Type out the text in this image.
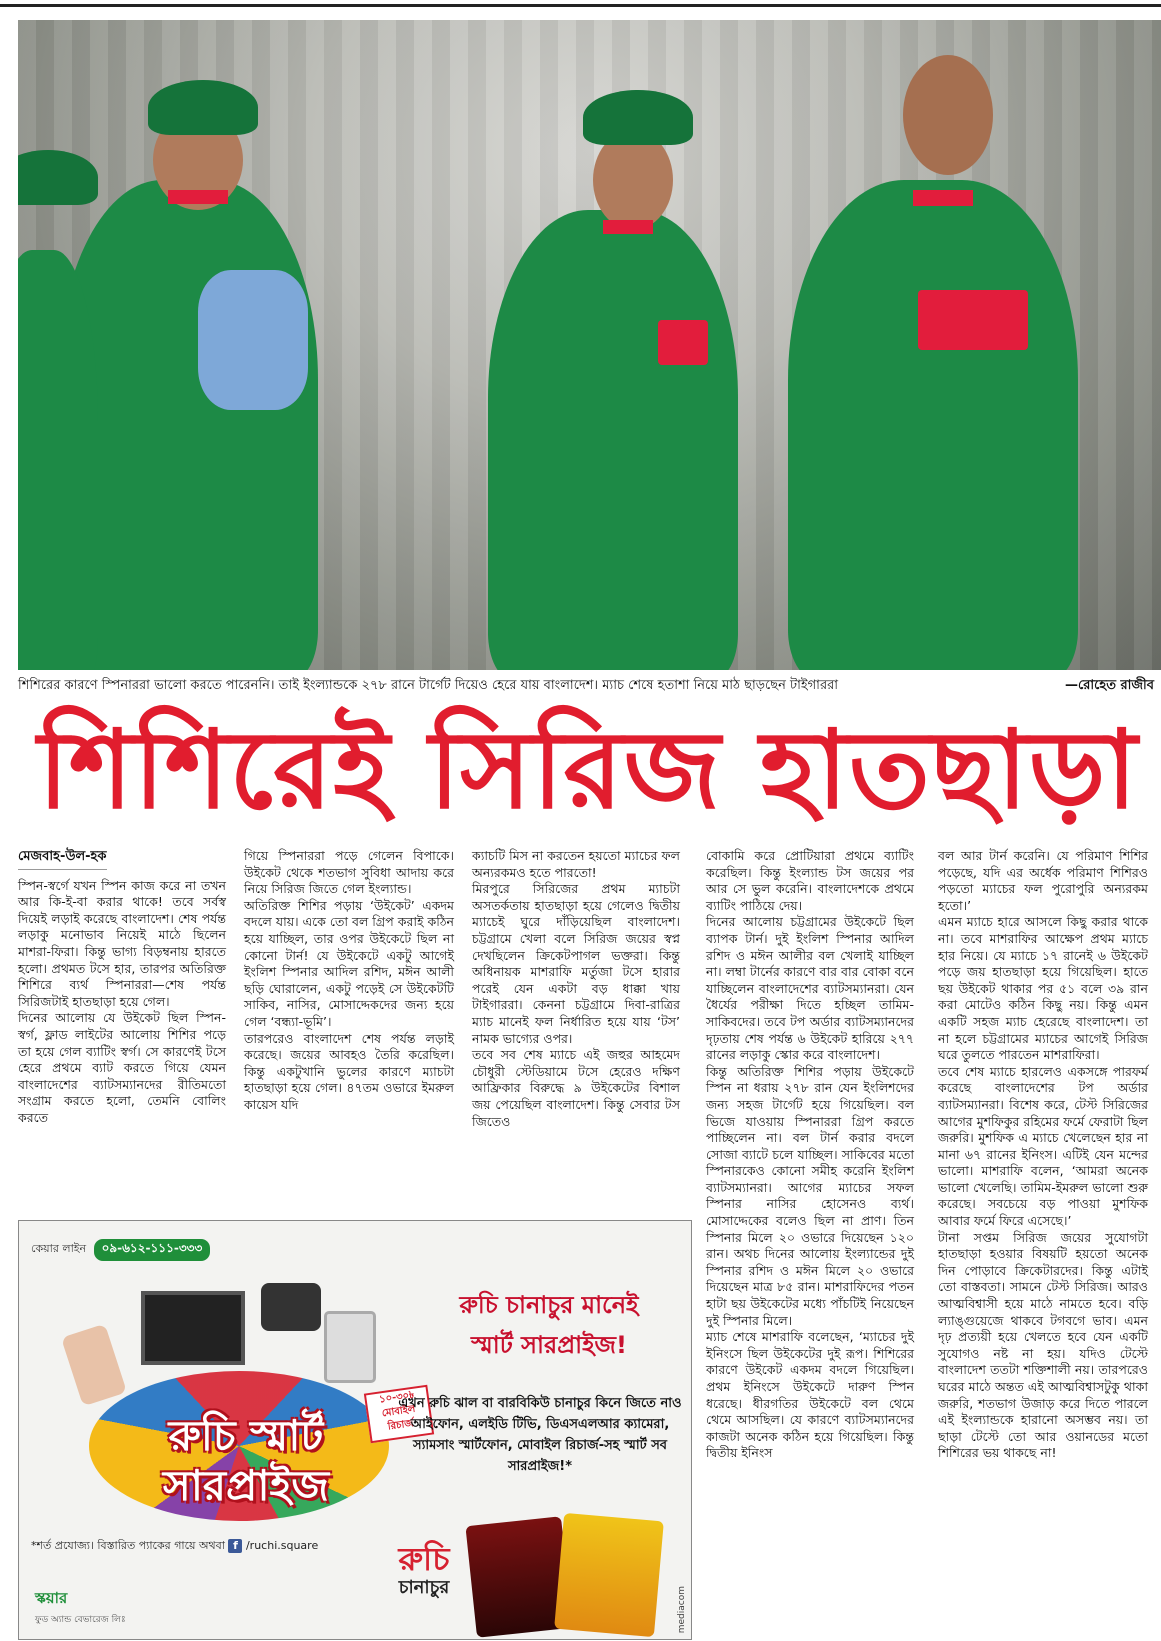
শিশিরের কারণে স্পিনাররা ভালো করতে পারেননি। তাই ইংল্যান্ডকে ২৭৮ রানে টার্গেট দিয়েও হেরে যায় বাংলাদেশ। ম্যাচ শেষে হতাশা নিয়ে মাঠ ছাড়ছেন টাইগাররা	—রোহেত রাজীব
শিশিরেই সিরিজ হাতছাড়া

মেজবাহ-উল-হক

স্পিন-স্বর্গে যখন স্পিন কাজ করে না তখন আর কি-ই-বা করার থাকে! তবে সর্বস্ব দিয়েই লড়াই করেছে বাংলাদেশ। শেষ পর্যন্ত লড়াকু মনোভাব নিয়েই মাঠে ছিলেন মাশরা-ফিরা। কিন্তু ভাগ্য বিড়ম্বনায় হারতে হলো। প্রথমত টসে হার, তারপর অতিরিক্ত শিশিরে ব্যর্থ স্পিনাররা—শেষ পর্যন্ত সিরিজটাই হাতছাড়া হয়ে গেল।

দিনের আলোয় যে উইকেট ছিল স্পিন-স্বর্গ, ফ্লাড লাইটের আলোয় শিশির পড়ে তা হয়ে গেল ব্যাটিং স্বর্গ। সে কারণেই টসে হেরে প্রথমে ব্যাট করতে গিয়ে যেমন বাংলাদেশের ব্যাটসম্যানদের রীতিমতো সংগ্রাম করতে হলো, তেমনি বোলিং করতে

গিয়ে স্পিনাররা পড়ে গেলেন বিপাকে। উইকেট থেকে শতভাগ সুবিধা আদায় করে নিয়ে সিরিজ জিতে গেল ইংল্যান্ড।

অতিরিক্ত শিশির পড়ায় ‘উইকেট’ একদম বদলে যায়। একে তো বল গ্রিপ করাই কঠিন হয়ে যাচ্ছিল, তার ওপর উইকেটে ছিল না কোনো টার্ন! যে উইকেটে একটু আগেই ইংলিশ স্পিনার আদিল রশিদ, মঈন আলী ছড়ি ঘোরালেন, একটু পড়েই সে উইকেটটি সাকিব, নাসির, মোসাদ্দেকদের জন্য হয়ে গেল ‘বন্ধ্যা-ভূমি’।

তারপরেও বাংলাদেশ শেষ পর্যন্ত লড়াই করেছে। জয়ের আবহও তৈরি করেছিল। কিন্তু একটুখানি ভুলের কারণে ম্যাচটা হাতছাড়া হয়ে গেল। ৪৭তম ওভারে ইমরুল কায়েস যদি

ক্যাচটি মিস না করতেন হয়তো ম্যাচের ফল অন্যরকমও হতে পারতো!

মিরপুরে সিরিজের প্রথম ম্যাচটা অসতর্কতায় হাতছাড়া হয়ে গেলেও দ্বিতীয় ম্যাচেই ঘুরে দাঁড়িয়েছিল বাংলাদেশ। চট্টগ্রামে খেলা বলে সিরিজ জয়ের স্বপ্ন দেখছিলেন ক্রিকেটপাগল ভক্তরা। কিন্তু অধিনায়ক মাশরাফি মর্তুজা টসে হারার পরেই যেন একটা বড় ধাক্কা খায় টাইগাররা। কেননা চট্টগ্রামে দিবা-রাত্রির ম্যাচ মানেই ফল নির্ধারিত হয়ে যায় ‘টস’ নামক ভাগ্যের ওপর।

তবে সব শেষ ম্যাচে এই জহুর আহমেদ চৌধুরী স্টেডিয়ামে টসে হেরেও দক্ষিণ আফ্রিকার বিরুদ্ধে ৯ উইকেটের বিশাল জয় পেয়েছিল বাংলাদেশ। কিন্তু সেবার টস জিতেও

বোকামি করে প্রোটিয়ারা প্রথমে ব্যাটিং করেছিল। কিন্তু ইংল্যান্ড টস জয়ের পর আর সে ভুল করেনি। বাংলাদেশকে প্রথমে ব্যাটিং পাঠিয়ে দেয়।

দিনের আলোয় চট্টগ্রামের উইকেটে ছিল ব্যাপক টার্ন। দুই ইংলিশ স্পিনার আদিল রশিদ ও মঈন আলীর বল খেলাই যাচ্ছিল না। লম্বা টার্নের কারণে বার বার বোকা বনে যাচ্ছিলেন বাংলাদেশের ব্যাটসম্যানরা। যেন ধৈর্যের পরীক্ষা দিতে হচ্ছিল তামিম-সাকিবদের। তবে টপ অর্ডার ব্যাটসম্যানদের দৃঢ়তায় শেষ পর্যন্ত ৬ উইকেট হারিয়ে ২৭৭ রানের লড়াকু স্কোর করে বাংলাদেশ।

কিন্তু অতিরিক্ত শিশির পড়ায় উইকেটে স্পিন না ধরায় ২৭৮ রান যেন ইংলিশদের জন্য সহজ টার্গেট হয়ে গিয়েছিল। বল ভিজে যাওয়ায় স্পিনাররা গ্রিপ করতে পাচ্ছিলেন না। বল টার্ন করার বদলে সোজা ব্যাটে চলে যাচ্ছিল। সাকিবের মতো স্পিনারকেও কোনো সমীহ করেনি ইংলিশ ব্যাটসম্যানরা। আগের ম্যাচের সফল স্পিনার নাসির হোসেনও ব্যর্থ। মোসাদ্দেকের বলেও ছিল না প্রাণ। তিন স্পিনার মিলে ২০ ওভারে দিয়েছেন ১২০ রান। অথচ দিনের আলোয় ইংল্যান্ডের দুই স্পিনার রশিদ ও মঈন মিলে ২০ ওভারে দিয়েছেন মাত্র ৮৫ রান। মাশরাফিদের পতন হাটা ছয় উইকেটের মধ্যে পাঁচটিই নিয়েছেন দুই স্পিনার মিলে।

ম্যাচ শেষে মাশরাফি বলেছেন, ‘ম্যাচের দুই ইনিংসে ছিল উইকেটের দুই রূপ। শিশিরের কারণে উইকেট একদম বদলে গিয়েছিল। প্রথম ইনিংসে উইকেটে দারুণ স্পিন ধরেছে। ধীরগতির উইকেটে বল থেমে থেমে আসছিল। যে কারণে ব্যাটসম্যানদের কাজটা অনেক কঠিন হয়ে গিয়েছিল। কিন্তু দ্বিতীয় ইনিংস

বল আর টার্ন করেনি। যে পরিমাণ শিশির পড়েছে, যদি এর অর্ধেক পরিমাণ শিশিরও পড়তো ম্যাচের ফল পুরোপুরি অন্যরকম হতো।’

এমন ম্যাচে হারে আসলে কিছু করার থাকে না। তবে মাশরাফির আক্ষেপ প্রথম ম্যাচে হার নিয়ে। যে ম্যাচে ১৭ রানেই ৬ উইকেট পড়ে জয় হাতছাড়া হয়ে গিয়েছিল। হাতে ছয় উইকেট থাকার পর ৫১ বলে ৩৯ রান করা মোটেও কঠিন কিছু নয়। কিন্তু এমন একটি সহজ ম্যাচ হেরেছে বাংলাদেশ। তা না হলে চট্টগ্রামের ম্যাচের আগেই সিরিজ ঘরে তুলতে পারতেন মাশরাফিরা।

তবে শেষ ম্যাচে হারলেও একসঙ্গে পারফর্ম করেছে বাংলাদেশের টপ অর্ডার ব্যাটসম্যানরা। বিশেষ করে, টেস্ট সিরিজের আগের মুশফিকুর রহিমের ফর্মে ফেরাটা ছিল জরুরি। মুশফিক এ ম্যাচে খেলেছেন হার না মানা ৬৭ রানের ইনিংস। এটিই যেন মন্দের ভালো। মাশরাফি বলেন, ‘আমরা অনেক ভালো খেলেছি। তামিম-ইমরুল ভালো শুরু করেছে। সবচেয়ে বড় পাওয়া মুশফিক আবার ফর্মে ফিরে এসেছে।’

টানা সপ্তম সিরিজ জয়ের সুযোগটা হাতছাড়া হওয়ার বিষয়টি হয়তো অনেক দিন পোড়াবে ক্রিকেটারদের। কিন্তু এটাই তো বাস্তবতা। সামনে টেস্ট সিরিজ। আরও আত্মবিশ্বাসী হয়ে মাঠে নামতে হবে। বড়ি ল্যাঙ্গুয়েজে থাকবে টগবগে ভাব। এমন দৃঢ় প্রত্যয়ী হয়ে খেলতে হবে যেন একটি সুযোগও নষ্ট না হয়। যদিও টেস্টে বাংলাদেশ ততটা শক্তিশালী নয়। তারপরেও ঘরের মাঠে অন্তত এই আত্মবিশ্বাসটুকু থাকা জরুরি, শতভাগ উজাড় করে দিতে পারলে এই ইংল্যান্ডকে হারানো অসম্ভব নয়। তা ছাড়া টেস্টে তো আর ওয়ানডের মতো শিশিরের ভয় থাকছে না!

কেয়ার লাইন ০৯-৬১২-১১১-৩৩৩
রুচি স্মার্ট
সারপ্রাইজ
১০-৩০৳
মোবাইল
রিচার্জ
রুচি চানাচুর মানেই
স্মার্ট সারপ্রাইজ!
এখন রুচি ঝাল বা বারবিকিউ চানাচুর কিনে জিতে নাও আইফোন, এলইডি টিভি, ডিএসএলআর ক্যামেরা, স্যামসাং স্মার্টফোন, মোবাইল রিচার্জ-সহ স্মার্ট সব সারপ্রাইজ!*
*শর্ত প্রযোজ্য। বিস্তারিত প্যাকের গায়ে অথবা f /ruchi.square
স্কয়ার
ফুড অ্যান্ড বেভারেজ লিঃ
রুচি
চানাচুর	mediacom
